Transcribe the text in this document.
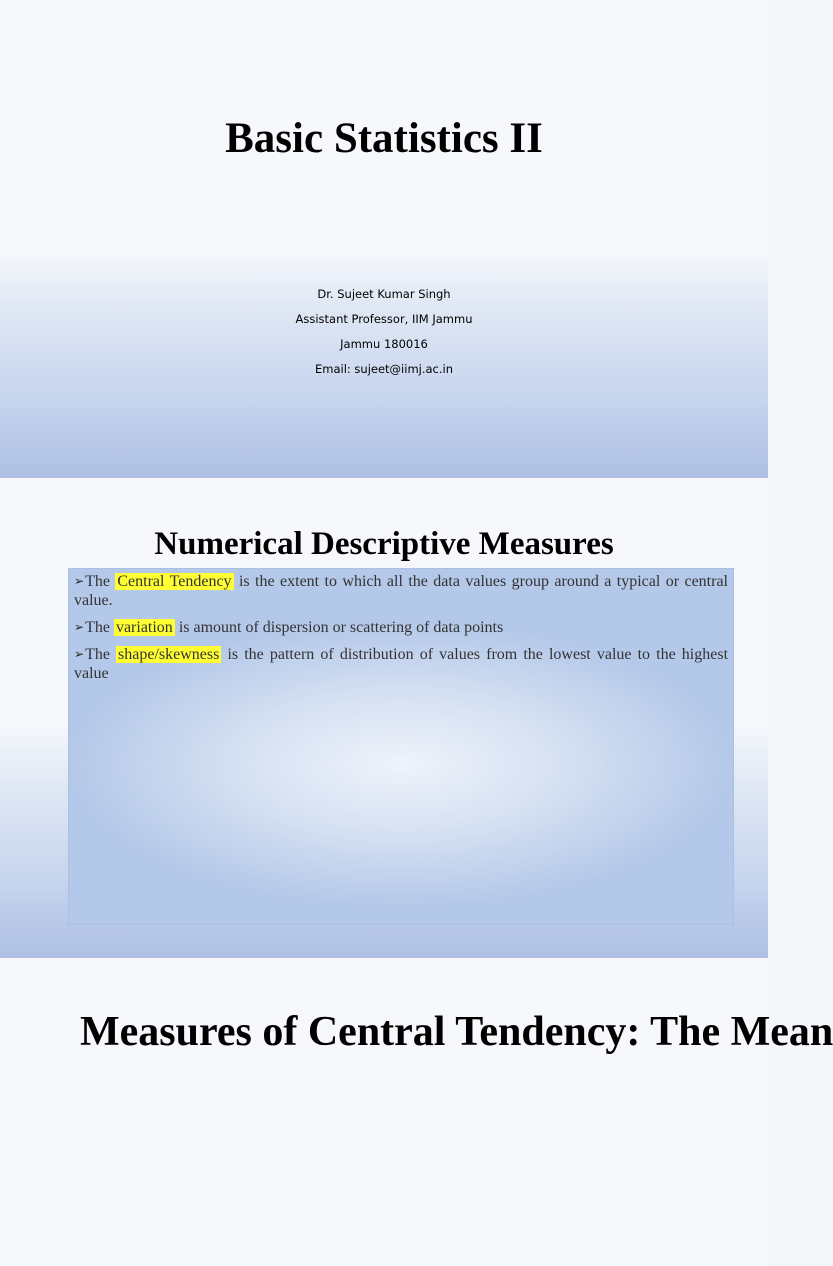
Basic Statistics II
Dr. Sujeet Kumar Singh
Assistant Professor, IIM Jammu
Jammu 180016
Email: sujeet@iimj.ac.in
Numerical Descriptive Measures

➢The Central Tendency is the extent to which all the data values group around a typical or central value.

➢The variation is amount of dispersion or scattering of data points

➢The shape/skewness is the pattern of distribution of values from the lowest value to the highest value

Measures of Central Tendency: The Mean
